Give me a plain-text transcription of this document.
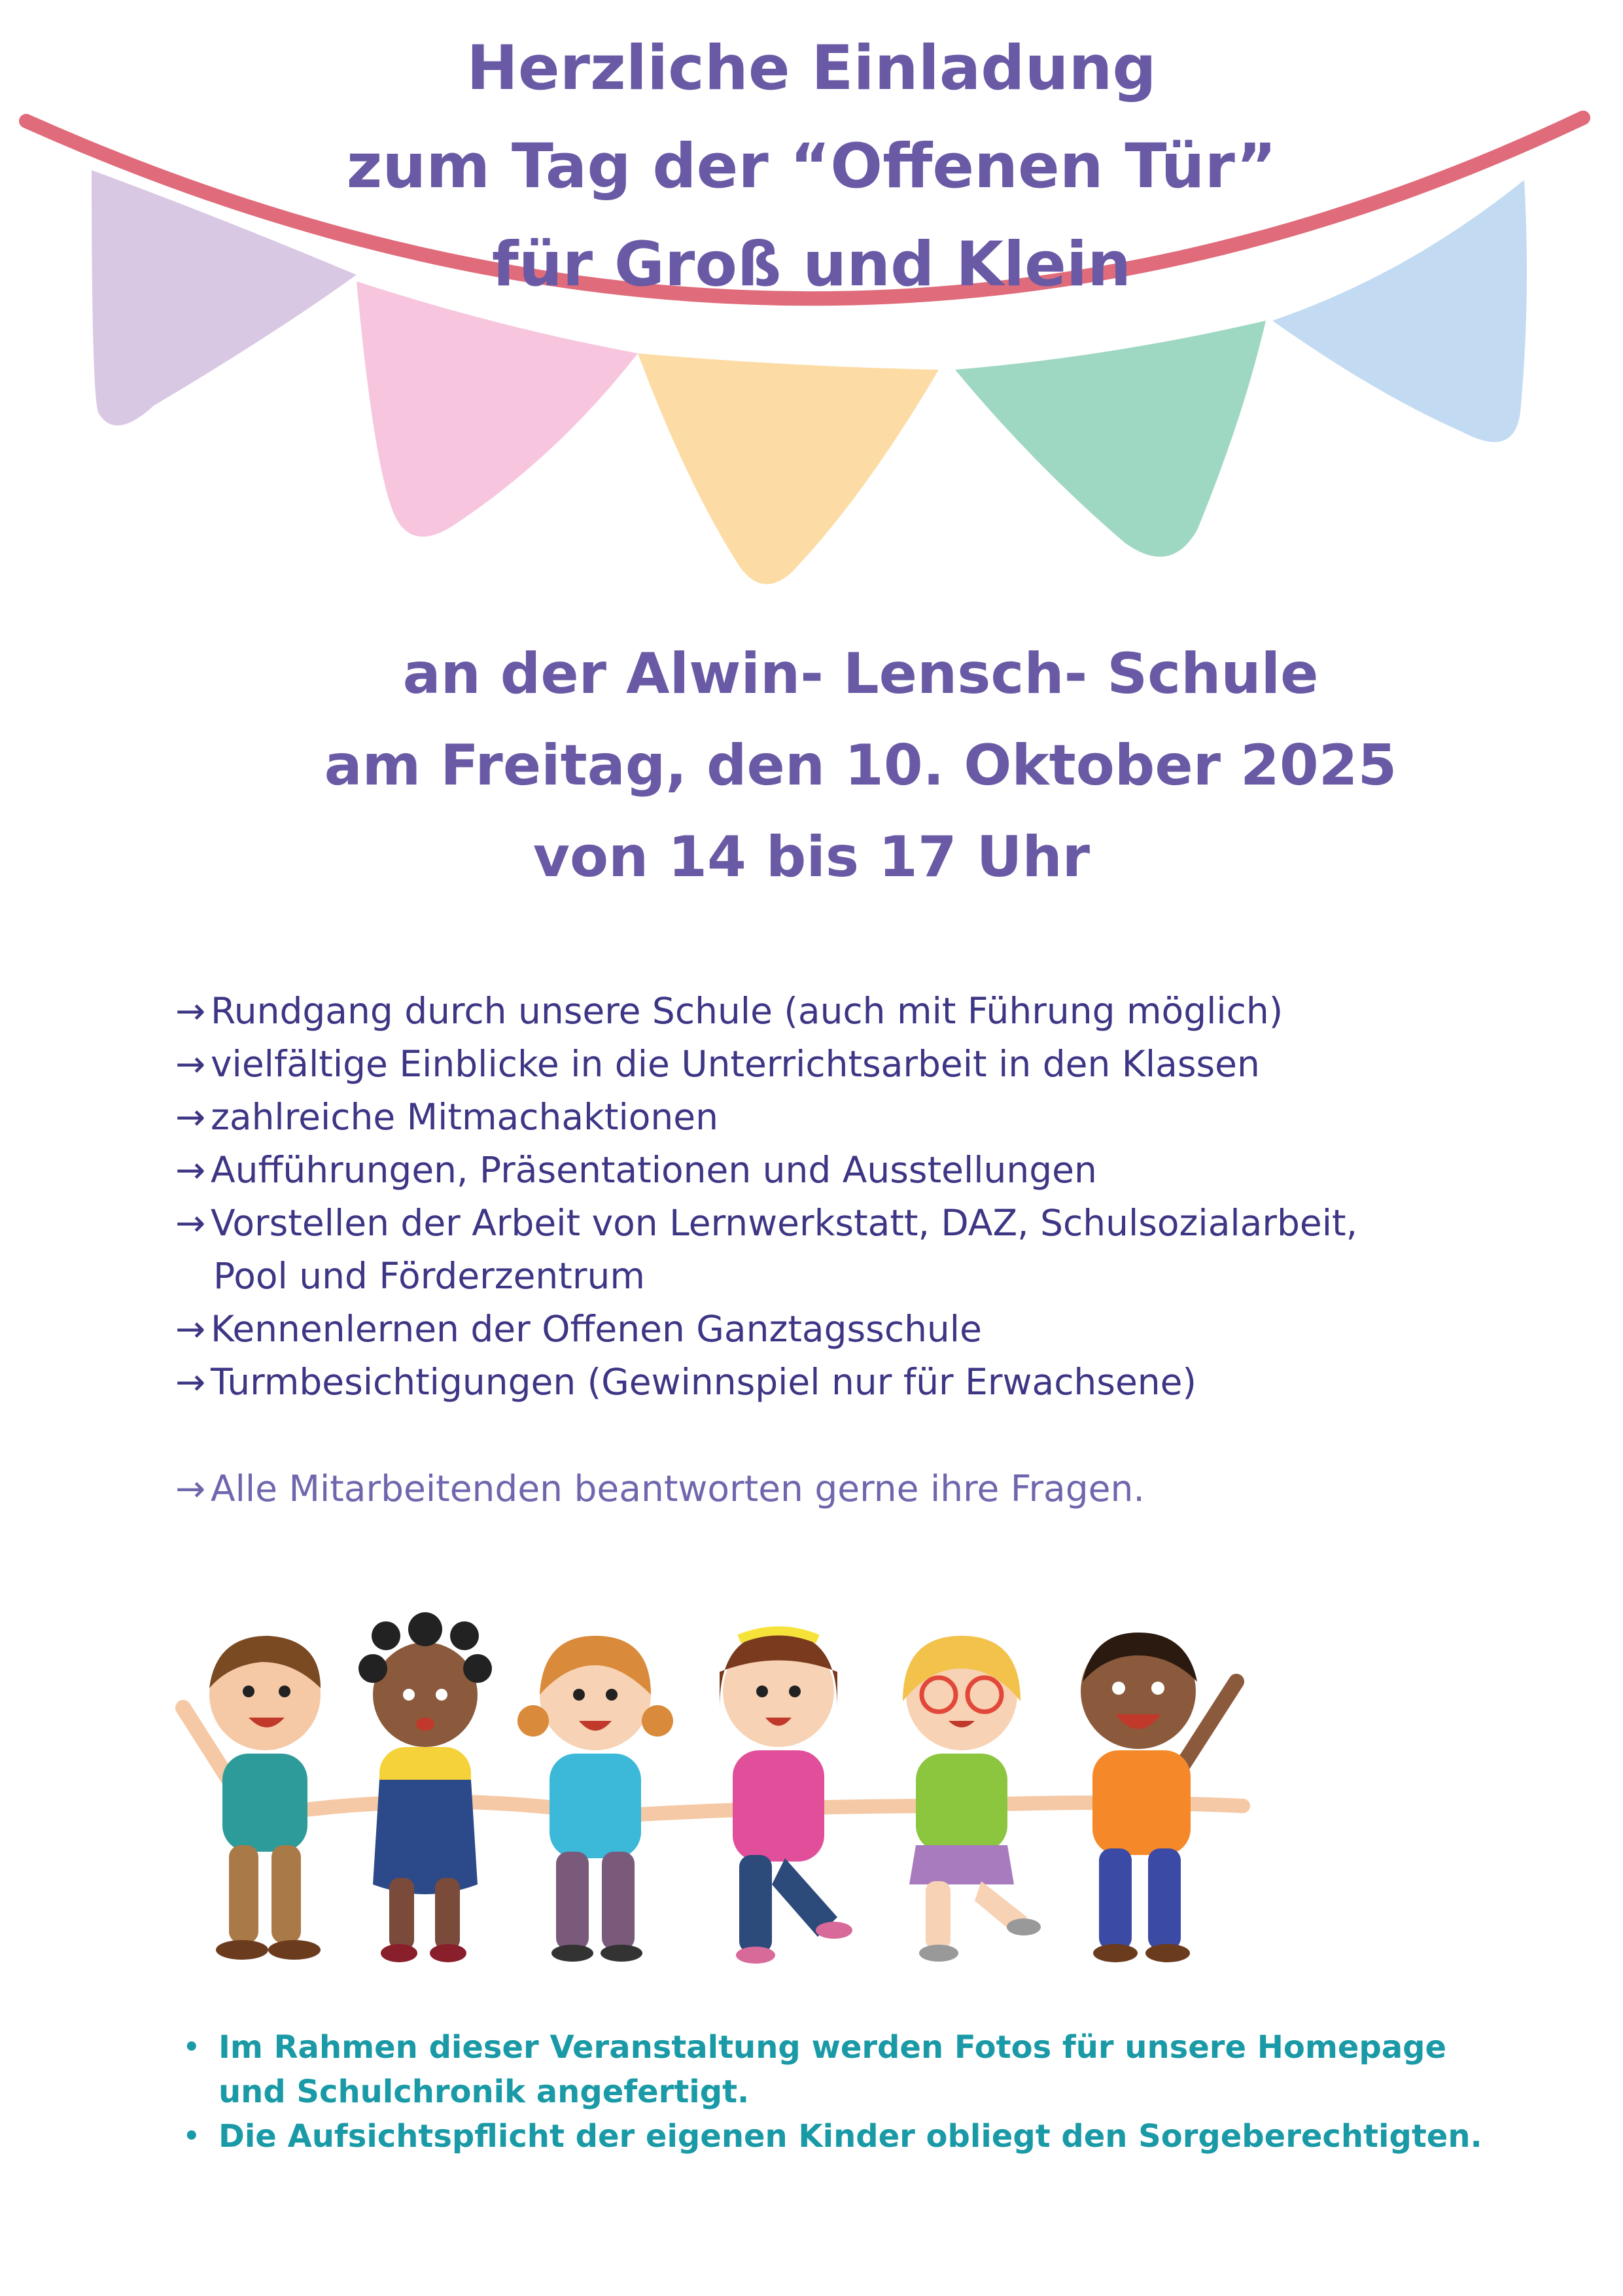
Herzliche Einladung
zum Tag der “Offenen Tür”
für Groß und Klein
an der Alwin- Lensch- Schule
am Freitag, den 10. Oktober 2025
von 14 bis 17 Uhr
→ Rundgang durch unsere Schule (auch mit Führung möglich)
→ vielfältige Einblicke in die Unterrichtsarbeit in den Klassen
→ zahlreiche Mitmachaktionen
→ Aufführungen, Präsentationen und Ausstellungen
→ Vorstellen der Arbeit von Lernwerkstatt, DAZ, Schulsozialarbeit,
Pool und Förderzentrum
→ Kennenlernen der Offenen Ganztagsschule
→ Turmbesichtigungen (Gewinnspiel nur für Erwachsene)
→ Alle Mitarbeitenden beantworten gerne ihre Fragen.
• Im Rahmen dieser Veranstaltung werden Fotos für unsere Homepage
und Schulchronik angefertigt.
• Die Aufsichtspflicht der eigenen Kinder obliegt den Sorgeberechtigten.
